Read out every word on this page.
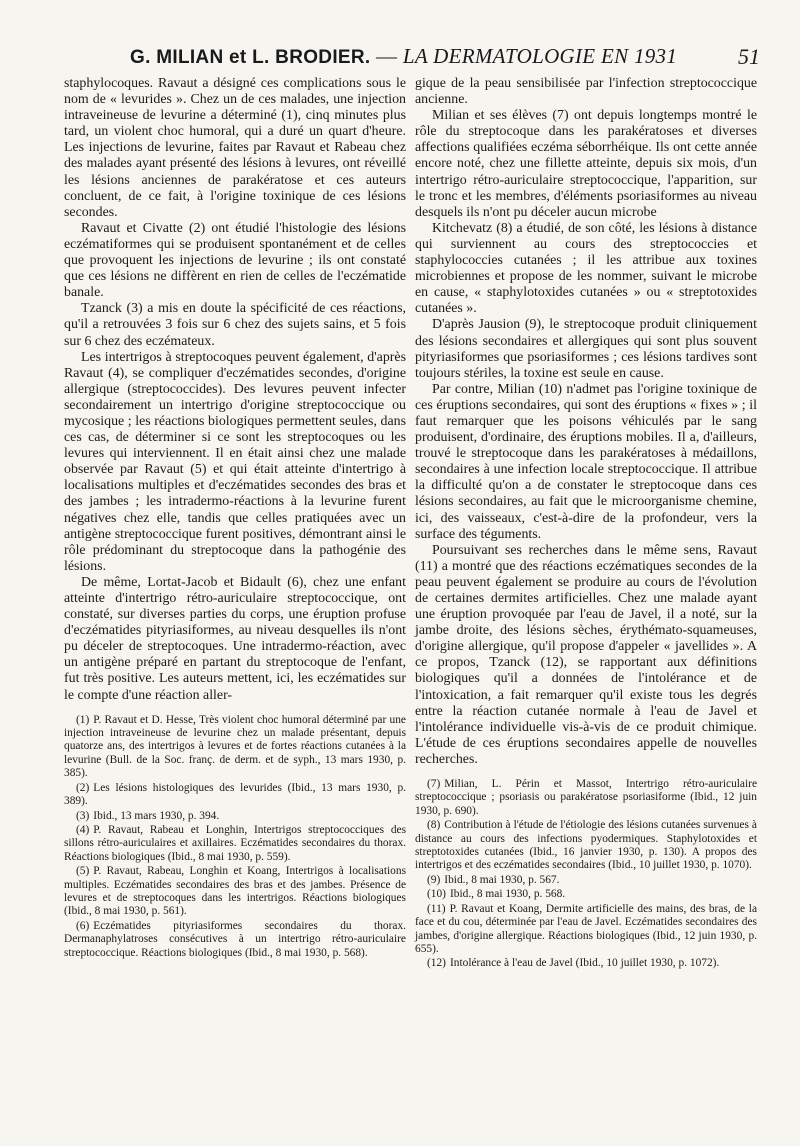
G. MILIAN et L. BRODIER. — LA DERMATOLOGIE EN 1931	51

staphylocoques. Ravaut a désigné ces complications sous le nom de « levurides ». Chez un de ces malades, une injection intraveineuse de levurine a déterminé (1), cinq minutes plus tard, un violent choc humoral, qui a duré un quart d'heure. Les injections de levurine, faites par Ravaut et Rabeau chez des malades ayant présenté des lésions à levures, ont réveillé les lésions anciennes de parakératose et ces auteurs concluent, de ce fait, à l'origine toxinique de ces lésions secondes.

Ravaut et Civatte (2) ont étudié l'histologie des lésions eczématiformes qui se produisent spontanément et de celles que provoquent les injections de levurine ; ils ont constaté que ces lésions ne diffèrent en rien de celles de l'eczématide banale.

Tzanck (3) a mis en doute la spécificité de ces réactions, qu'il a retrouvées 3 fois sur 6 chez des sujets sains, et 5 fois sur 6 chez des eczémateux.

Les intertrigos à streptocoques peuvent également, d'après Ravaut (4), se compliquer d'eczématides secondes, d'origine allergique (streptococcides). Des levures peuvent infecter secondairement un intertrigo d'origine streptococcique ou mycosique ; les réactions biologiques permettent seules, dans ces cas, de déterminer si ce sont les streptocoques ou les levures qui interviennent. Il en était ainsi chez une malade observée par Ravaut (5) et qui était atteinte d'intertrigo à localisations multiples et d'eczématides secondes des bras et des jambes ; les intradermo-réactions à la levurine furent négatives chez elle, tandis que celles pratiquées avec un antigène streptococcique furent positives, démontrant ainsi le rôle prédominant du streptocoque dans la pathogénie des lésions.

De même, Lortat-Jacob et Bidault (6), chez une enfant atteinte d'intertrigo rétro-auriculaire streptococcique, ont constaté, sur diverses parties du corps, une éruption profuse d'eczématides pityriasiformes, au niveau desquelles ils n'ont pu déceler de streptocoques. Une intradermo-réaction, avec un antigène préparé en partant du streptocoque de l'enfant, fut très positive. Les auteurs mettent, ici, les eczématides sur le compte d'une réaction aller-

(1) P. Ravaut et D. Hesse, Très violent choc humoral déterminé par une injection intraveineuse de levurine chez un malade présentant, depuis quatorze ans, des intertrigos à levures et de fortes réactions cutanées à la levurine (Bull. de la Soc. franç. de derm. et de syph., 13 mars 1930, p. 385).

(2) Les lésions histologiques des levurides (Ibid., 13 mars 1930, p. 389).

(3) Ibid., 13 mars 1930, p. 394.

(4) P. Ravaut, Rabeau et Longhin, Intertrigos streptococciques des sillons rétro-auriculaires et axillaires. Eczématides secondaires du thorax. Réactions biologiques (Ibid., 8 mai 1930, p. 559).

(5) P. Ravaut, Rabeau, Longhin et Koang, Intertrigos à localisations multiples. Eczématides secondaires des bras et des jambes. Présence de levures et de streptocoques dans les intertrigos. Réactions biologiques (Ibid., 8 mai 1930, p. 561).

(6) Eczématides pityriasiformes secondaires du thorax. Dermanaphylatroses consécutives à un intertrigo rétro-auriculaire streptococcique. Réactions biologiques (Ibid., 8 mai 1930, p. 568).

gique de la peau sensibilisée par l'infection streptococcique ancienne.

Milian et ses élèves (7) ont depuis longtemps montré le rôle du streptocoque dans les parakératoses et diverses affections qualifiées eczéma séborrhéique. Ils ont cette année encore noté, chez une fillette atteinte, depuis six mois, d'un intertrigo rétro-auriculaire streptococcique, l'apparition, sur le tronc et les membres, d'éléments psoriasiformes au niveau desquels ils n'ont pu déceler aucun microbe

Kitchevatz (8) a étudié, de son côté, les lésions à distance qui surviennent au cours des streptococcies et staphylococcies cutanées ; il les attribue aux toxines microbiennes et propose de les nommer, suivant le microbe en cause, « staphylotoxides cutanées » ou « streptotoxides cutanées ».

D'après Jausion (9), le streptocoque produit cliniquement des lésions secondaires et allergiques qui sont plus souvent pityriasiformes que psoriasiformes ; ces lésions tardives sont toujours stériles, la toxine est seule en cause.

Par contre, Milian (10) n'admet pas l'origine toxinique de ces éruptions secondaires, qui sont des éruptions « fixes » ; il faut remarquer que les poisons véhiculés par le sang produisent, d'ordinaire, des éruptions mobiles. Il a, d'ailleurs, trouvé le streptocoque dans les parakératoses à médaillons, secondaires à une infection locale streptococcique. Il attribue la difficulté qu'on a de constater le streptocoque dans ces lésions secondaires, au fait que le microorganisme chemine, ici, des vaisseaux, c'est-à-dire de la profondeur, vers la surface des téguments.

Poursuivant ses recherches dans le même sens, Ravaut (11) a montré que des réactions eczématiques secondes de la peau peuvent également se produire au cours de l'évolution de certaines dermites artificielles. Chez une malade ayant une éruption provoquée par l'eau de Javel, il a noté, sur la jambe droite, des lésions sèches, érythémato-squameuses, d'origine allergique, qu'il propose d'appeler « javellides ». A ce propos, Tzanck (12), se rapportant aux définitions biologiques qu'il a données de l'intolérance et de l'intoxication, a fait remarquer qu'il existe tous les degrés entre la réaction cutanée normale à l'eau de Javel et l'intolérance individuelle vis-à-vis de ce produit chimique. L'étude de ces éruptions secondaires appelle de nouvelles recherches.

(7) Milian, L. Périn et Massot, Intertrigo rétro-auriculaire streptococcique ; psoriasis ou parakératose psoriasiforme (Ibid., 12 juin 1930, p. 690).

(8) Contribution à l'étude de l'étiologie des lésions cutanées survenues à distance au cours des infections pyodermiques. Staphylotoxides et streptotoxides cutanées (Ibid., 16 janvier 1930, p. 130). A propos des intertrigos et des eczématides secondaires (Ibid., 10 juillet 1930, p. 1070).

(9) Ibid., 8 mai 1930, p. 567.

(10) Ibid., 8 mai 1930, p. 568.

(11) P. Ravaut et Koang, Dermite artificielle des mains, des bras, de la face et du cou, déterminée par l'eau de Javel. Eczématides secondaires des jambes, d'origine allergique. Réactions biologiques (Ibid., 12 juin 1930, p. 655).

(12) Intolérance à l'eau de Javel (Ibid., 10 juillet 1930, p. 1072).
